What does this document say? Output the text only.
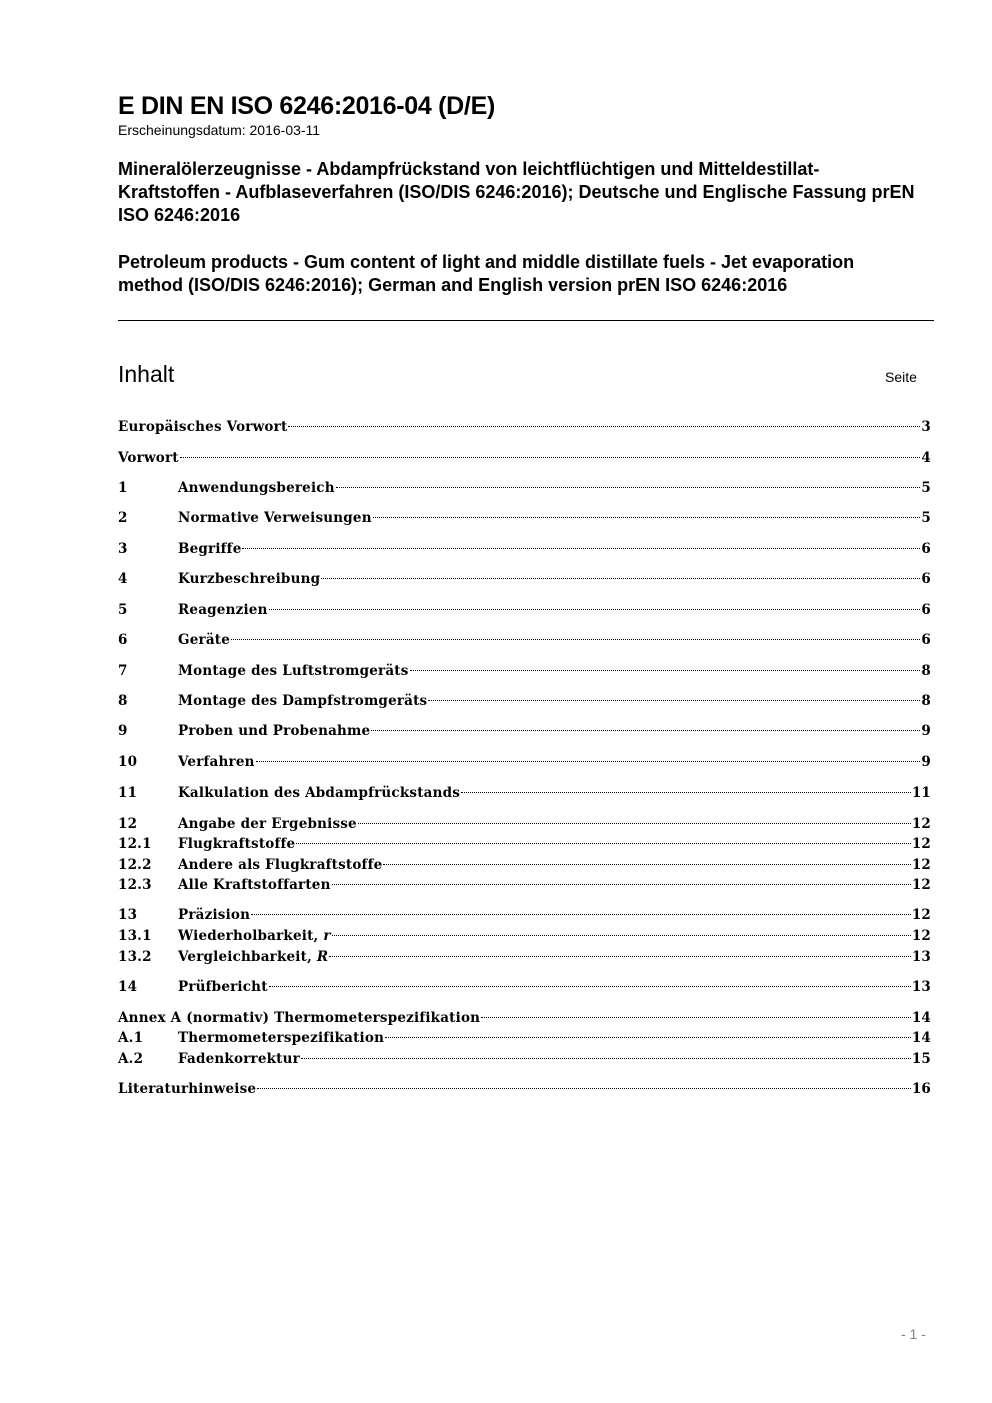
E DIN EN ISO 6246:2016-04 (D/E)
Erscheinungsdatum: 2016-03-11
Mineralölerzeugnisse - Abdampfrückstand von leichtflüchtigen und Mitteldestillat-Kraftstoffen - Aufblaseverfahren (ISO/DIS 6246:2016); Deutsche und Englische Fassung prEN ISO 6246:2016
Petroleum products - Gum content of light and middle distillate fuels - Jet evaporation method (ISO/DIS 6246:2016); German and English version prEN ISO 6246:2016
Inhalt	Seite
Europäisches Vorwort	3
Vorwort	4
1	Anwendungsbereich	5
2	Normative Verweisungen	5
3	Begriffe	6
4	Kurzbeschreibung	6
5	Reagenzien	6
6	Geräte	6
7	Montage des Luftstromgeräts	8
8	Montage des Dampfstromgeräts	8
9	Proben und Probenahme	9
10	Verfahren	9
11	Kalkulation des Abdampfrückstands	11
12	Angabe der Ergebnisse	12
12.1	Flugkraftstoffe	12
12.2	Andere als Flugkraftstoffe	12
12.3	Alle Kraftstoffarten	12
13	Präzision	12
13.1	Wiederholbarkeit, r	12
13.2	Vergleichbarkeit, R	13
14	Prüfbericht	13
Annex A (normativ) Thermometerspezifikation	14
A.1	Thermometerspezifikation	14
A.2	Fadenkorrektur	15
Literaturhinweise	16
- 1 -
